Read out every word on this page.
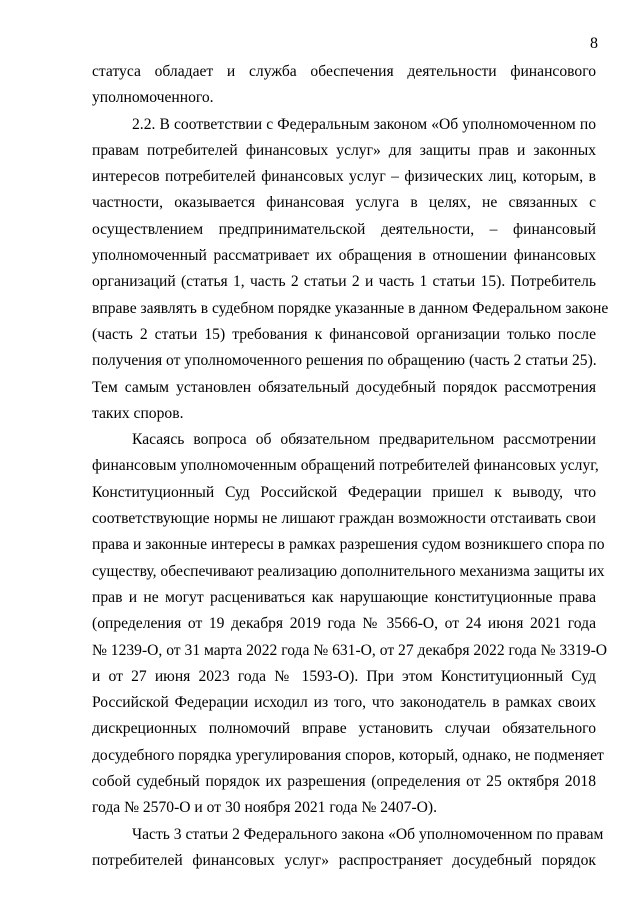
8
статуса обладает и служба обеспечения деятельности финансового
уполномоченного.
2.2. В соответствии с Федеральным законом «Об уполномоченном по
правам потребителей финансовых услуг» для защиты прав и законных
интересов потребителей финансовых услуг – физических лиц, которым, в
частности, оказывается финансовая услуга в целях, не связанных с
осуществлением предпринимательской деятельности, – финансовый
уполномоченный рассматривает их обращения в отношении финансовых
организаций (статья 1, часть 2 статьи 2 и часть 1 статьи 15). Потребитель
вправе заявлять в судебном порядке указанные в данном Федеральном законе
(часть 2 статьи 15) требования к финансовой организации только после
получения от уполномоченного решения по обращению (часть 2 статьи 25).
Тем самым установлен обязательный досудебный порядок рассмотрения
таких споров.
Касаясь вопроса об обязательном предварительном рассмотрении
финансовым уполномоченным обращений потребителей финансовых услуг,
Конституционный Суд Российской Федерации пришел к выводу, что
соответствующие нормы не лишают граждан возможности отстаивать свои
права и законные интересы в рамках разрешения судом возникшего спора по
существу, обеспечивают реализацию дополнительного механизма защиты их
прав и не могут расцениваться как нарушающие конституционные права
(определения от 19 декабря 2019 года № 3566-О, от 24 июня 2021 года
№ 1239-О, от 31 марта 2022 года № 631-О, от 27 декабря 2022 года № 3319-О
и от 27 июня 2023 года № 1593-О). При этом Конституционный Суд
Российской Федерации исходил из того, что законодатель в рамках своих
дискреционных полномочий вправе установить случаи обязательного
досудебного порядка урегулирования споров, который, однако, не подменяет
собой судебный порядок их разрешения (определения от 25 октября 2018
года № 2570-О и от 30 ноября 2021 года № 2407-О).
Часть 3 статьи 2 Федерального закона «Об уполномоченном по правам
потребителей финансовых услуг» распространяет досудебный порядок
